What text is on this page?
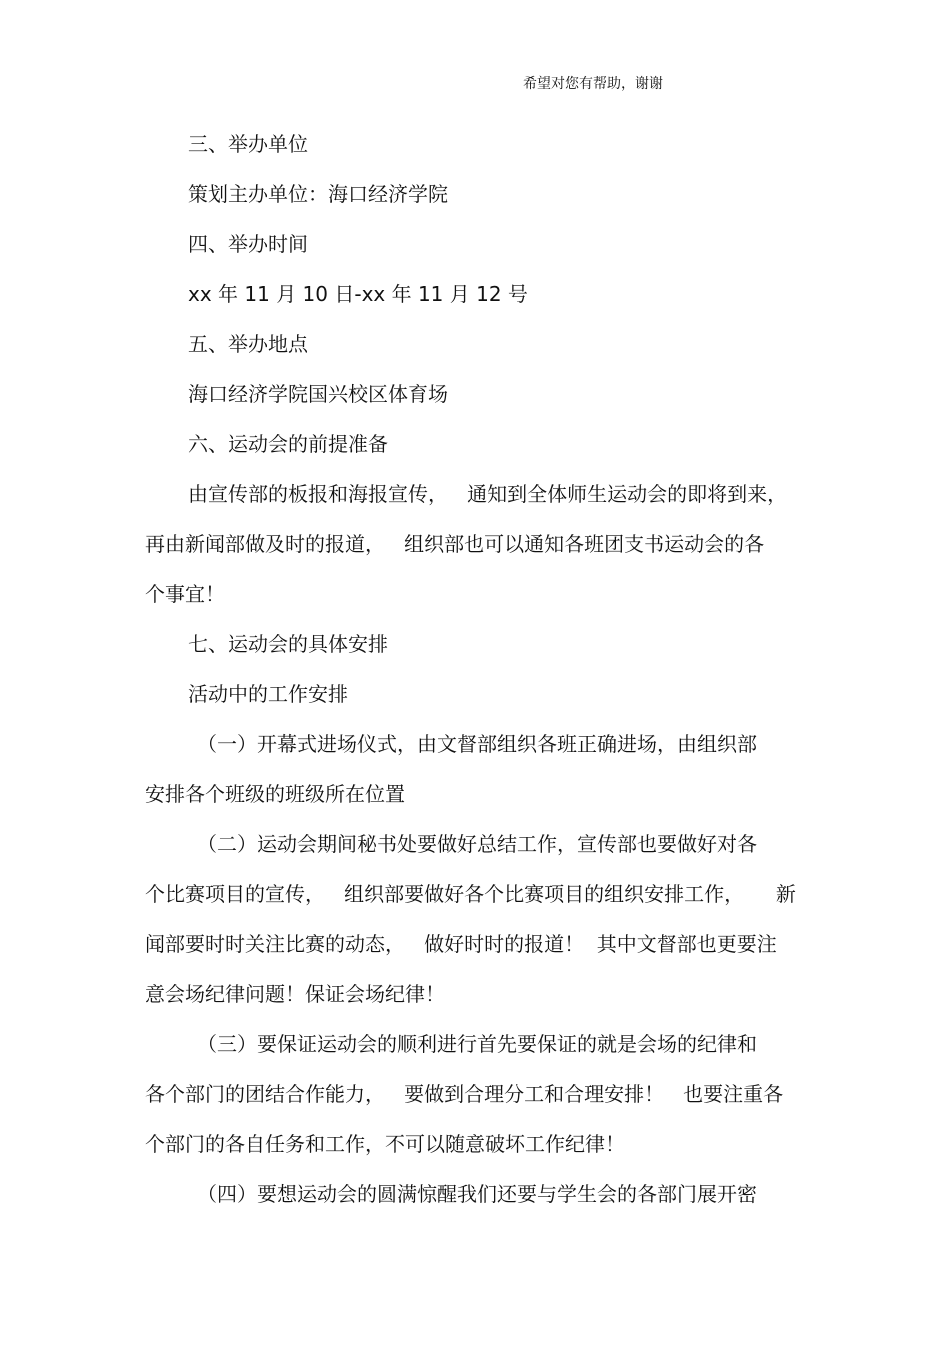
希望对您有帮助，谢谢
三、举办单位
策划主办单位：海口经济学院
四、举办时间
xx 年 11 月 10 日-xx 年 11 月 12 号
五、举办地点
海口经济学院国兴校区体育场
六、运动会的前提准备
由宣传部的板报和海报宣传，   通知到全体师生运动会的即将到来，
再由新闻部做及时的报道，   组织部也可以通知各班团支书运动会的各
个事宜！
七、运动会的具体安排
活动中的工作安排
（一）开幕式进场仪式，由文督部组织各班正确进场，由组织部
安排各个班级的班级所在位置
（二）运动会期间秘书处要做好总结工作，宣传部也要做好对各
个比赛项目的宣传，   组织部要做好各个比赛项目的组织安排工作，     新
闻部要时时关注比赛的动态，   做好时时的报道！  其中文督部也更要注
意会场纪律问题！保证会场纪律！
（三）要保证运动会的顺利进行首先要保证的就是会场的纪律和
各个部门的团结合作能力，   要做到合理分工和合理安排！   也要注重各
个部门的各自任务和工作，不可以随意破坏工作纪律！
（四）要想运动会的圆满惊醒我们还要与学生会的各部门展开密
